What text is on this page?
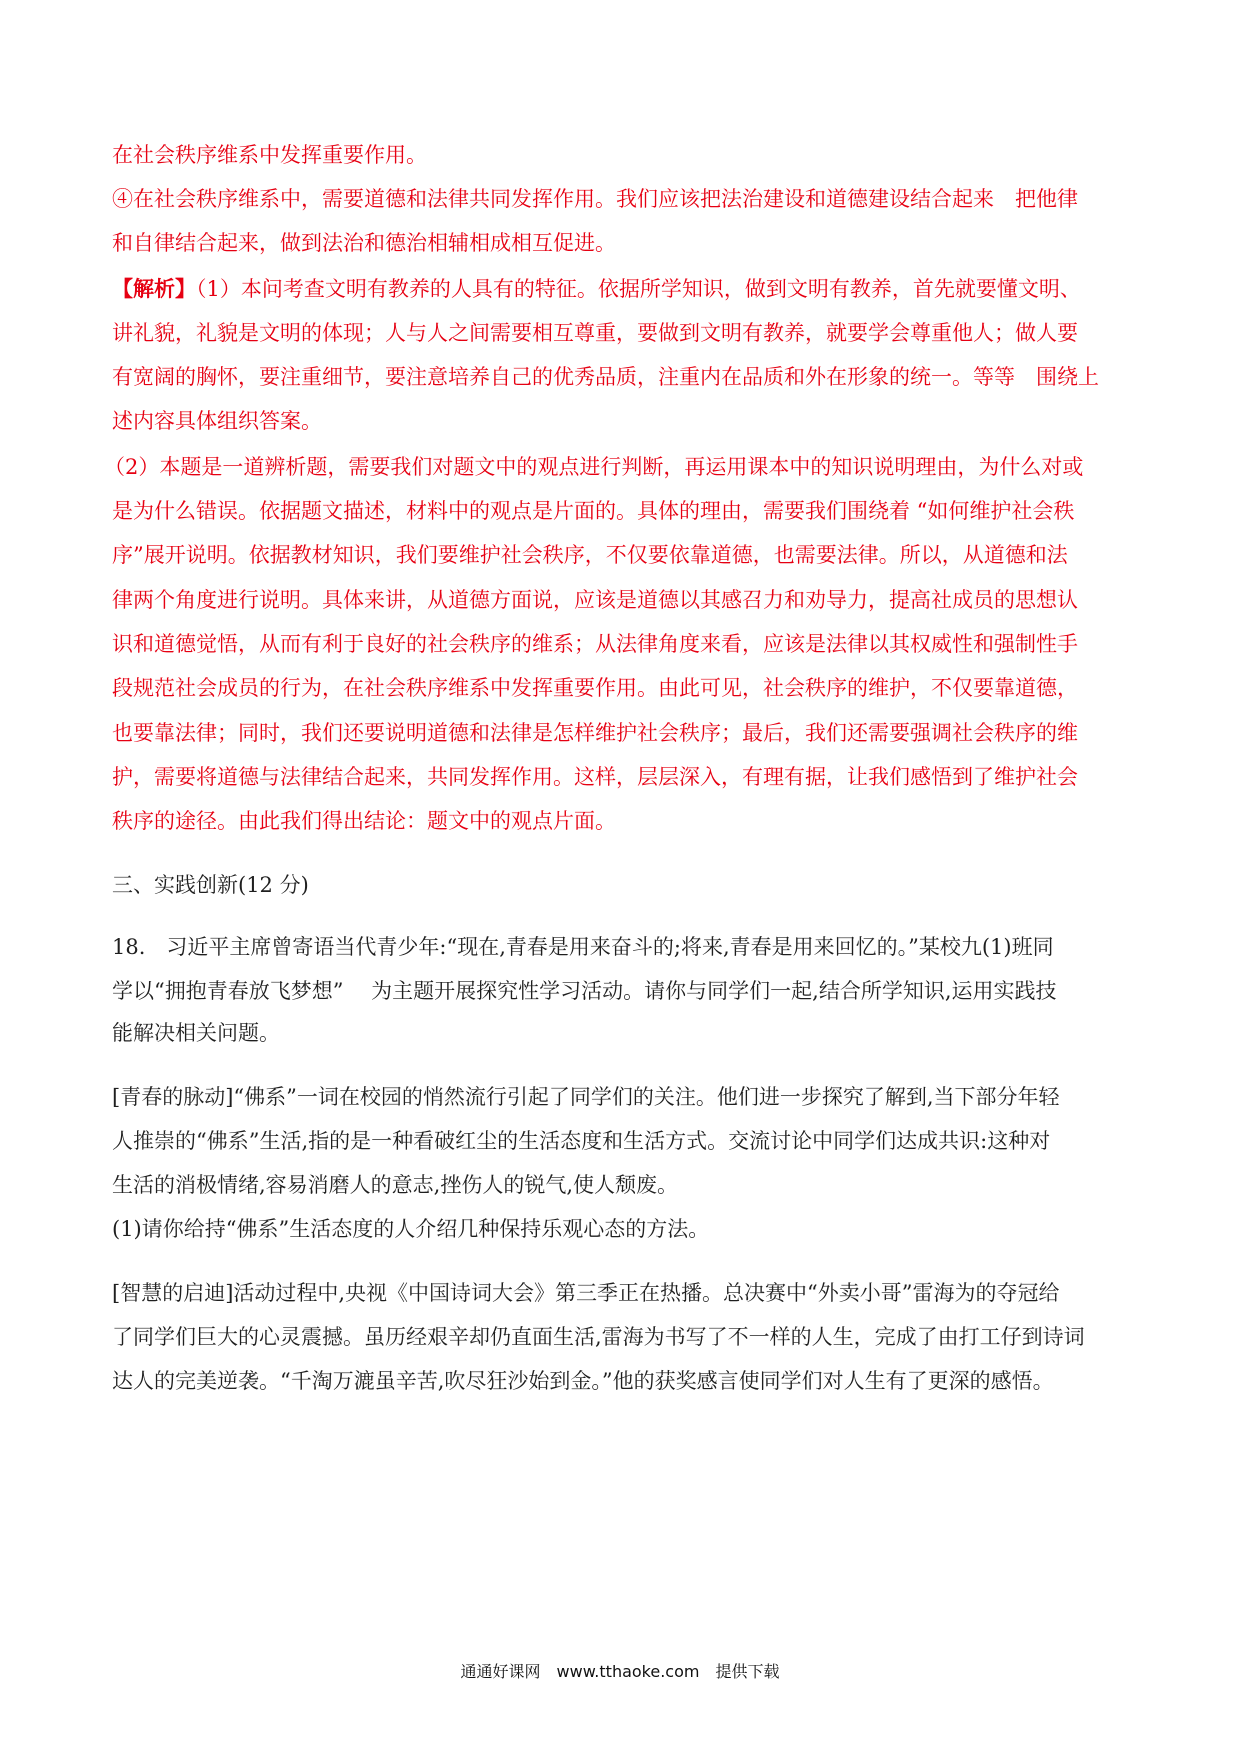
在社会秩序维系中发挥重要作用。
④在社会秩序维系中，需要道德和法律共同发挥作用。我们应该把法治建设和道德建设结合起来　把他律
和自律结合起来，做到法治和德治相辅相成相互促进。
【解析】（1）本问考查文明有教养的人具有的特征。依据所学知识，做到文明有教养，首先就要懂文明、
讲礼貌，礼貌是文明的体现；人与人之间需要相互尊重，要做到文明有教养，就要学会尊重他人；做人要
有宽阔的胸怀，要注重细节，要注意培养自己的优秀品质，注重内在品质和外在形象的统一。等等　围绕上
述内容具体组织答案。
（2）本题是一道辨析题，需要我们对题文中的观点进行判断，再运用课本中的知识说明理由，为什么对或
是为什么错误。依据题文描述，材料中的观点是片面的。具体的理由，需要我们围绕着 “如何维护社会秩
序”展开说明。依据教材知识，我们要维护社会秩序，不仅要依靠道德，也需要法律。所以，从道德和法
律两个角度进行说明。具体来讲，从道德方面说，应该是道德以其感召力和劝导力，提高社成员的思想认
识和道德觉悟，从而有利于良好的社会秩序的维系；从法律角度来看，应该是法律以其权威性和强制性手
段规范社会成员的行为，在社会秩序维系中发挥重要作用。由此可见，社会秩序的维护，不仅要靠道德，
也要靠法律；同时，我们还要说明道德和法律是怎样维护社会秩序；最后，我们还需要强调社会秩序的维
护，需要将道德与法律结合起来，共同发挥作用。这样，层层深入，有理有据，让我们感悟到了维护社会
秩序的途径。由此我们得出结论：题文中的观点片面。
三、实践创新(12 分)
18.　习近平主席曾寄语当代青少年:“现在,青春是用来奋斗的;将来,青春是用来回忆的。”某校九(1)班同
学以“拥抱青春放飞梦想”　 为主题开展探究性学习活动。请你与同学们一起,结合所学知识,运用实践技
能解决相关问题。
[青春的脉动]“佛系”一词在校园的悄然流行引起了同学们的关注。他们进一步探究了解到,当下部分年轻
人推崇的“佛系”生活,指的是一种看破红尘的生活态度和生活方式。交流讨论中同学们达成共识:这种对
生活的消极情绪,容易消磨人的意志,挫伤人的锐气,使人颓废。
(1)请你给持“佛系”生活态度的人介绍几种保持乐观心态的方法。
[智慧的启迪]活动过程中,央视《中国诗词大会》第三季正在热播。总决赛中“外卖小哥”雷海为的夺冠给
了同学们巨大的心灵震撼。虽历经艰辛却仍直面生活,雷海为书写了不一样的人生，完成了由打工仔到诗词
达人的完美逆袭。“千淘万漉虽辛苦,吹尽狂沙始到金。”他的获奖感言使同学们对人生有了更深的感悟。
通通好课网　www.tthaoke.com　提供下载
